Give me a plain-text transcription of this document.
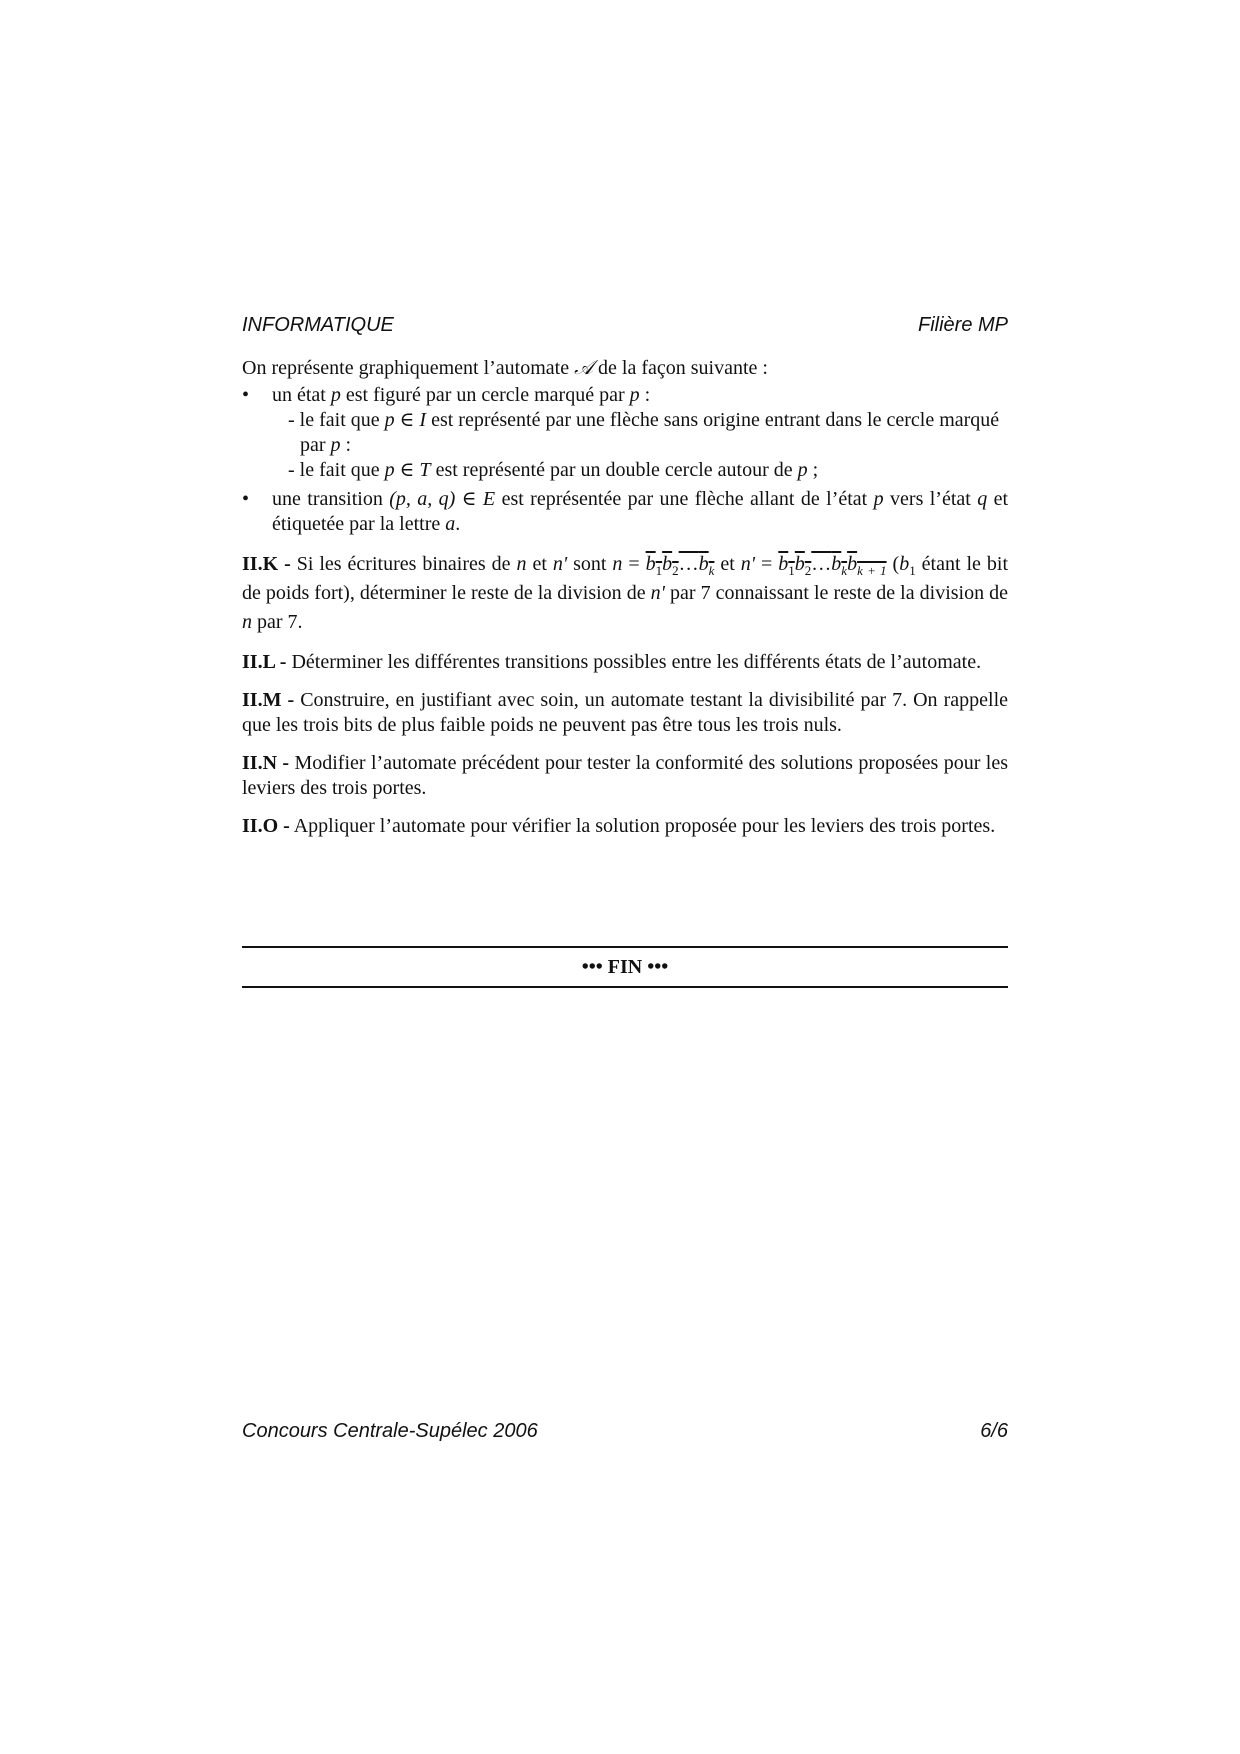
INFORMATIQUE	Filière MP

On représente graphiquement l’automate 𝒜 de la façon suivante :

• un état p est figuré par un cercle marqué par p :
- le fait que p ∈ I est représenté par une flèche sans origine entrant dans le cercle marqué par p :
- le fait que p ∈ T est représenté par un double cercle autour de p ;
• une transition (p, a, q) ∈ E est représentée par une flèche allant de l’état p vers l’état q et étiquetée par la lettre a.

II.K - Si les écritures binaires de n et n' sont $n = b_1b_2\dots b_k$ et $n' = b_1b_2\dots b_kb_{k + 1}$ ($b_1$ étant le bit de poids fort), déterminer le reste de la division de n' par 7 connaissant le reste de la division de n par 7.

II.L - Déterminer les différentes transitions possibles entre les différents états de l’automate.

II.M - Construire, en justifiant avec soin, un automate testant la divisibilité par 7. On rappelle que les trois bits de plus faible poids ne peuvent pas être tous les trois nuls.

II.N - Modifier l’automate précédent pour tester la conformité des solutions proposées pour les leviers des trois portes.

II.O - Appliquer l’automate pour vérifier la solution proposée pour les leviers des trois portes.

••• FIN •••
Concours Centrale-Supélec 2006	6/6
